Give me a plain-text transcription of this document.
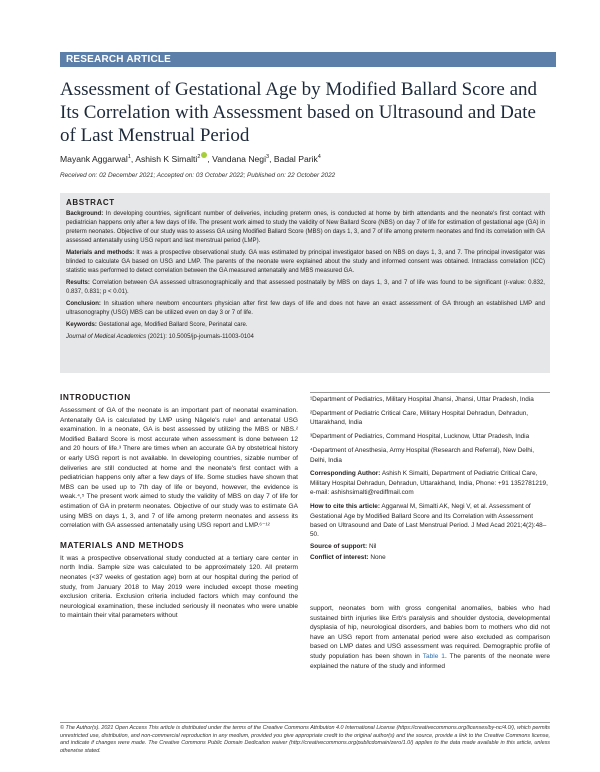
RESEARCH ARTICLE
Assessment of Gestational Age by Modified Ballard Score and Its Correlation with Assessment based on Ultrasound and Date of Last Menstrual Period
Mayank Aggarwal$^1$, Ashish K Simalti$^2$ , Vandana Negi$^3$, Badal Parik$^4$
Received on: 02 December 2021; Accepted on: 03 October 2022; Published on: 22 October 2022
ABSTRACT

Background: In developing countries, significant number of deliveries, including preterm ones, is conducted at home by birth attendants and the neonate's first contact with pediatrician happens only after a few days of life. The present work aimed to study the validity of New Ballard Score (NBS) on day 7 of life for estimation of gestational age (GA) in preterm neonates. Objective of our study was to assess GA using Modified Ballard Score (MBS) on days 1, 3, and 7 of life among preterm neonates and find its correlation with GA assessed antenatally using USG report and last menstrual period (LMP).

Materials and methods: It was a prospective observational study. GA was estimated by principal investigator based on NBS on days 1, 3, and 7. The principal investigator was blinded to calculate GA based on USG and LMP. The parents of the neonate were explained about the study and informed consent was obtained. Intraclass correlation (ICC) statistic was performed to detect correlation between the GA measured antenatally and MBS measured GA.

Results: Correlation between GA assessed ultrasonographically and that assessed postnatally by MBS on days 1, 3, and 7 of life was found to be significant (r-value: 0.832, 0.837, 0.831; p < 0.01).

Conclusion: In situation where newborn encounters physician after first few days of life and does not have an exact assessment of GA through an established LMP and ultrasonography (USG) MBS can be utilized even on day 3 or 7 of life.

Keywords: Gestational age, Modified Ballard Score, Perinatal care.

Journal of Medical Academics (2021): 10.5005/jp-journals-11003-0104

INTRODUCTION

Assessment of GA of the neonate is an important part of neonatal examination. Antenatally GA is calculated by LMP using Nägele's rule¹ and antenatal USG examination. In a neonate, GA is best assessed by utilizing the MBS or NBS.² Modified Ballard Score is most accurate when assessment is done between 12 and 20 hours of life.³ There are times when an accurate GA by obstetrical history or early USG report is not available. In developing countries, sizable number of deliveries are still conducted at home and the neonate's first contact with a pediatrician happens only after a few days of life. Some studies have shown that MBS can be used up to 7th day of life or beyond, however, the evidence is weak.⁴,⁵ The present work aimed to study the validity of MBS on day 7 of life for estimation of GA in preterm neonates. Objective of our study was to estimate GA using MBS on days 1, 3, and 7 of life among preterm neonates and assess its correlation with GA assessed antenatally using USG report and LMP.⁶⁻¹²

MATERIALS AND METHODS

It was a prospective observational study conducted at a tertiary care center in north India. Sample size was calculated to be approximately 120. All preterm neonates (<37 weeks of gestation age) born at our hospital during the period of study, from January 2018 to May 2019 were included except those meeting exclusion criteria. Exclusion criteria included factors which may confound the neurological examination, these included seriously ill neonates who were unable to maintain their vital parameters without

¹Department of Pediatrics, Military Hospital Jhansi, Jhansi, Uttar Pradesh, India

²Department of Pediatric Critical Care, Military Hospital Dehradun, Dehradun, Uttarakhand, India

³Department of Pediatrics, Command Hospital, Lucknow, Uttar Pradesh, India

⁴Department of Anesthesia, Army Hospital (Research and Referral), New Delhi, Delhi, India

Corresponding Author: Ashish K Simalti, Department of Pediatric Critical Care, Military Hospital Dehradun, Dehradun, Uttarakhand, India, Phone: +91 1352781219, e-mail: ashishsimalti@rediffmail.com

How to cite this article: Aggarwal M, Simalti AK, Negi V, et al. Assessment of Gestational Age by Modified Ballard Score and Its Correlation with Assessment based on Ultrasound and Date of Last Menstrual Period. J Med Acad 2021;4(2):48–50.

Source of support: Nil

Conflict of interest: None

support, neonates born with gross congenital anomalies, babies who had sustained birth injuries like Erb's paralysis and shoulder dystocia, developmental dysplasia of hip, neurological disorders, and babies born to mothers who did not have an USG report from antenatal period were also excluded as comparison based on LMP dates and USG assessment was required. Demographic profile of study population has been shown in Table 1. The parents of the neonate were explained the nature of the study and informed

© The Author(s). 2021 Open Access This article is distributed under the terms of the Creative Commons Attribution 4.0 International License (https://creativecommons.org/licenses/by-nc/4.0/), which permits unrestricted use, distribution, and non-commercial reproduction in any medium, provided you give appropriate credit to the original author(s) and the source, provide a link to the Creative Commons license, and indicate if changes were made. The Creative Commons Public Domain Dedication waiver (http://creativecommons.org/publicdomain/zero/1.0/) applies to the data made available in this article, unless otherwise stated.
